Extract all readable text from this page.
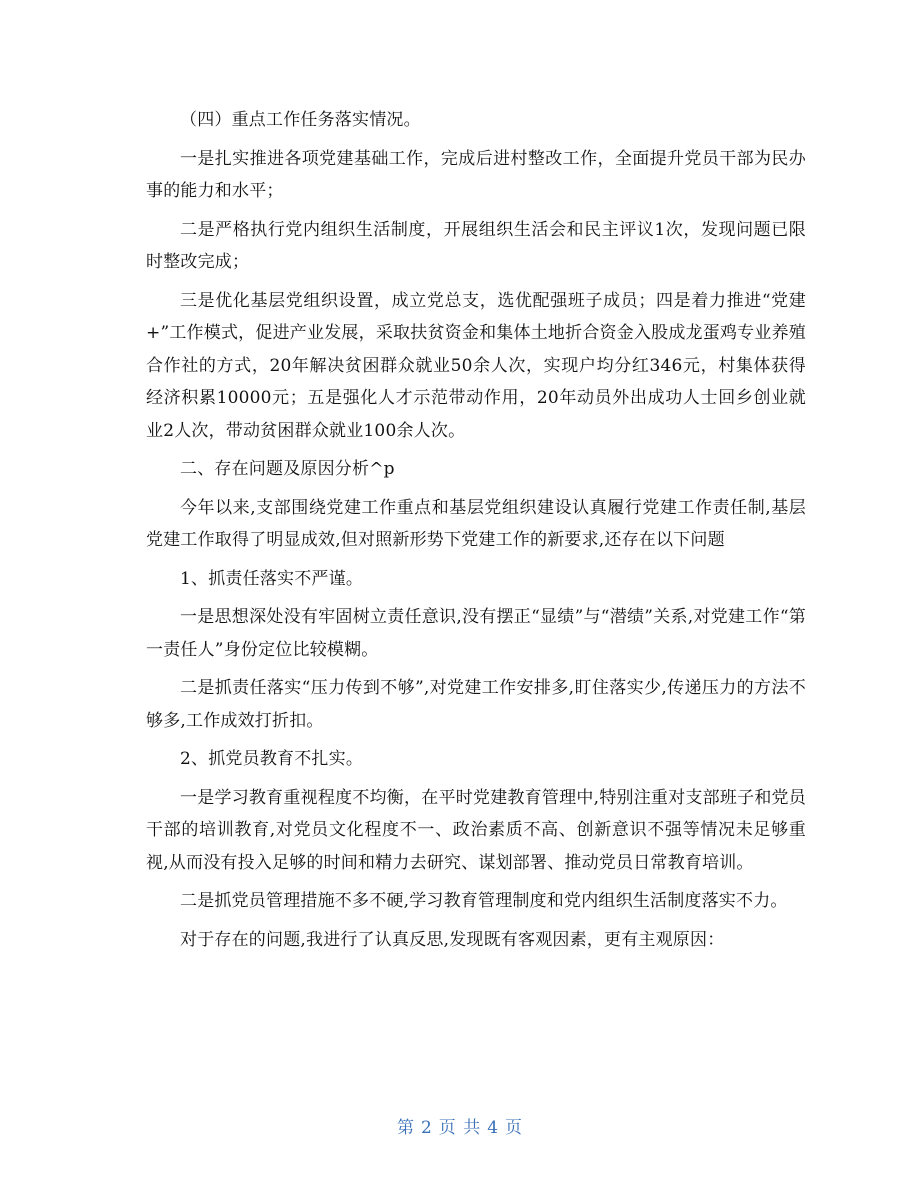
（四）重点工作任务落实情况。

一是扎实推进各项党建基础工作，完成后进村整改工作，全面提升党员干部为民办事的能力和水平；

二是严格执行党内组织生活制度，开展组织生活会和民主评议1次，发现问题已限时整改完成；

三是优化基层党组织设置，成立党总支，选优配强班子成员；四是着力推进“党建+”工作模式，促进产业发展，采取扶贫资金和集体土地折合资金入股成龙蛋鸡专业养殖合作社的方式，20年解决贫困群众就业50余人次，实现户均分红346元，村集体获得经济积累10000元；五是强化人才示范带动作用，20年动员外出成功人士回乡创业就业2人次，带动贫困群众就业100余人次。

二、存在问题及原因分析^p

今年以来,支部围绕党建工作重点和基层党组织建设认真履行党建工作责任制,基层党建工作取得了明显成效,但对照新形势下党建工作的新要求,还存在以下问题

1、抓责任落实不严谨。

一是思想深处没有牢固树立责任意识,没有摆正“显绩”与“潜绩”关系,对党建工作“第一责任人”身份定位比较模糊。

二是抓责任落实“压力传到不够”,对党建工作安排多,盯住落实少,传递压力的方法不够多,工作成效打折扣。

2、抓党员教育不扎实。

一是学习教育重视程度不均衡，在平时党建教育管理中,特别注重对支部班子和党员干部的培训教育,对党员文化程度不一、政治素质不高、创新意识不强等情况未足够重视,从而没有投入足够的时间和精力去研究、谋划部署、推动党员日常教育培训。

二是抓党员管理措施不多不硬,学习教育管理制度和党内组织生活制度落实不力。

对于存在的问题,我进行了认真反思,发现既有客观因素，更有主观原因：

第 2 页 共 4 页
